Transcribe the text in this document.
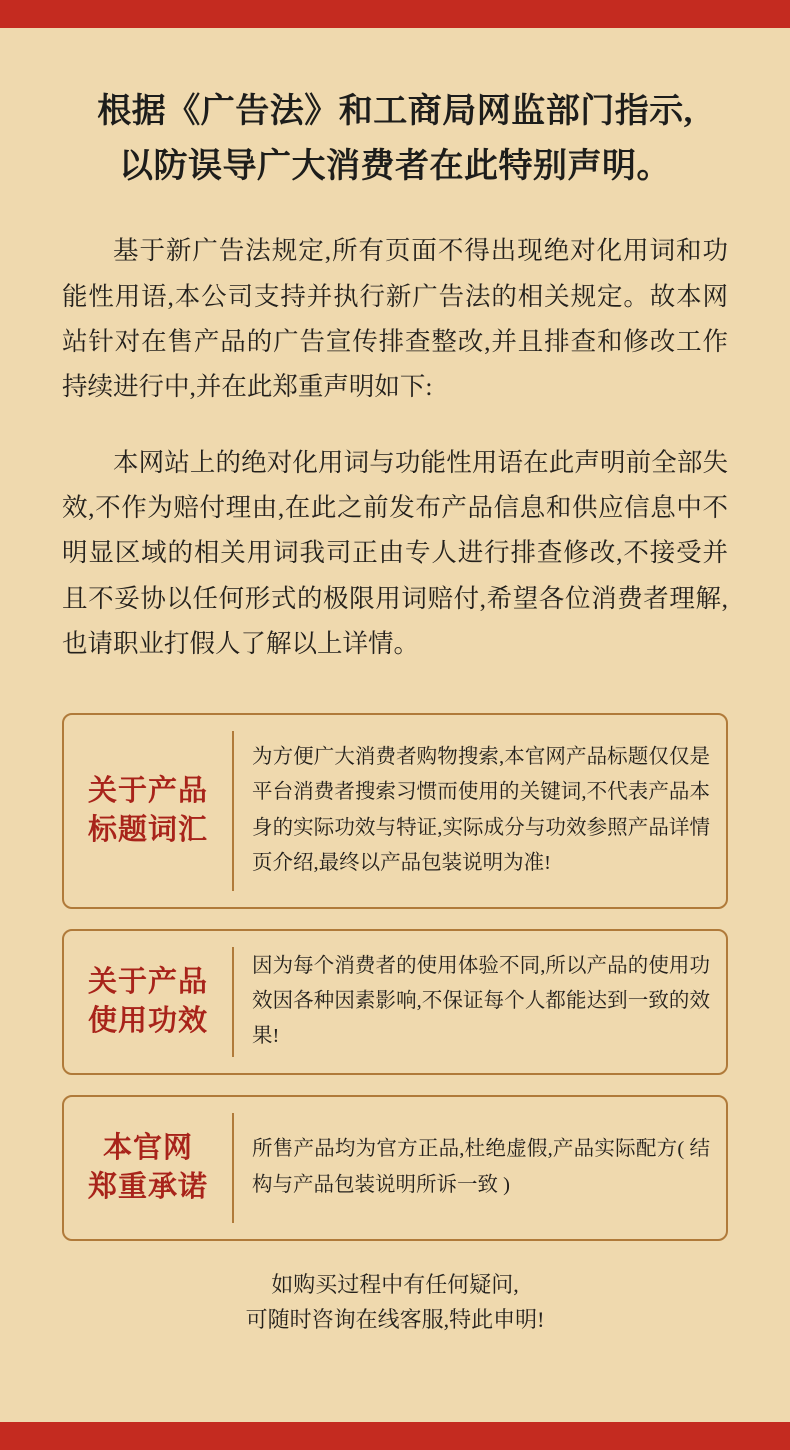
根据《广告法》和工商局网监部门指示,
以防误导广大消费者在此特别声明。

基于新广告法规定,所有页面不得出现绝对化用词和功能性用语,本公司支持并执行新广告法的相关规定。故本网站针对在售产品的广告宣传排查整改,并且排查和修改工作持续进行中,并在此郑重声明如下:

本网站上的绝对化用词与功能性用语在此声明前全部失效,不作为赔付理由,在此之前发布产品信息和供应信息中不明显区域的相关用词我司正由专人进行排查修改,不接受并且不妥协以任何形式的极限用词赔付,希望各位消费者理解,也请职业打假人了解以上详情。

关于产品
标题词汇
为方便广大消费者购物搜索,本官网产品标题仅仅是平台消费者搜索习惯而使用的关键词,不代表产品本身的实际功效与特证,实际成分与功效参照产品详情页介绍,最终以产品包装说明为准!
关于产品
使用功效
因为每个消费者的使用体验不同,所以产品的使用功效因各种因素影响,不保证每个人都能达到一致的效果!
本官网
郑重承诺
所售产品均为官方正品,杜绝虚假,产品实际配方( 结构与产品包装说明所诉一致 )
如购买过程中有任何疑问,
可随时咨询在线客服,特此申明!
